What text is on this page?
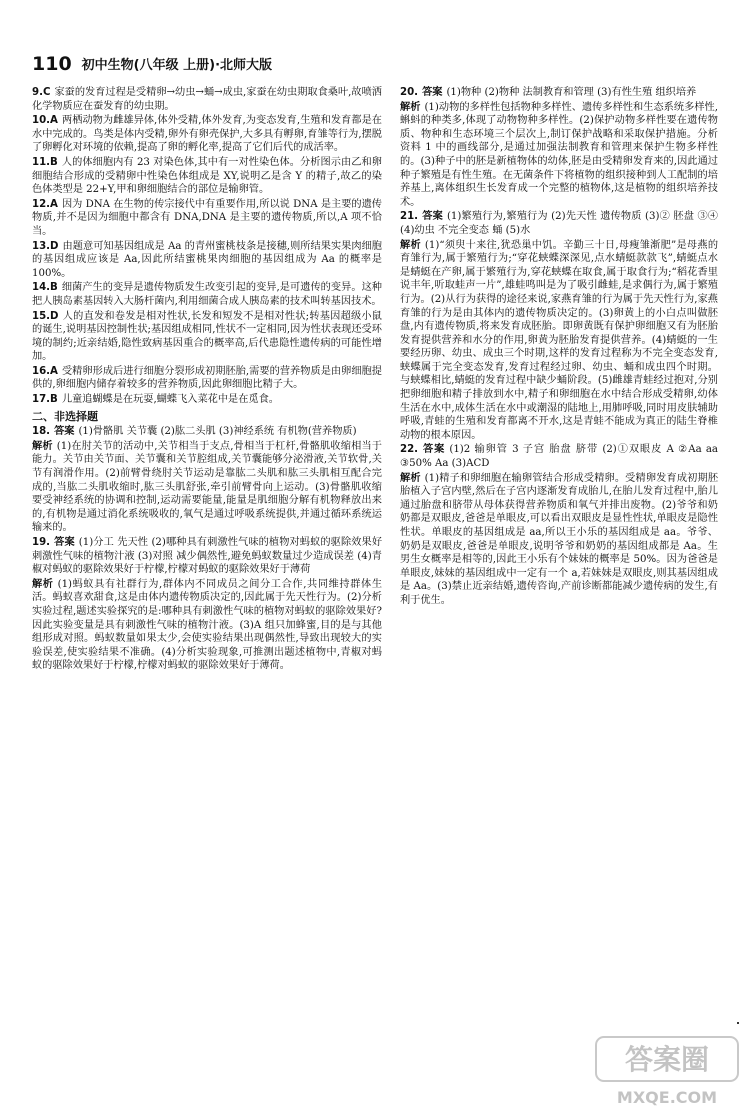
110 初中生物(八年级 上册)·北师大版
9.C 家蚕的发育过程是受精卵→幼虫→蛹→成虫,家蚕在幼虫期取食桑叶,故喷洒化学物质应在蚕发育的幼虫期。
10.A 两栖动物为雌雄异体,体外受精,体外发育,为变态发育,生殖和发育都是在水中完成的。鸟类是体内受精,卵外有卵壳保护,大多具有孵卵,育雏等行为,摆脱了卵孵化对环境的依赖,提高了卵的孵化率,提高了它们后代的成活率。
11.B 人的体细胞内有 23 对染色体,其中有一对性染色体。分析图示由乙和卵细胞结合形成的受精卵中性染色体组成是 XY,说明乙是含 Y 的精子,故乙的染色体类型是 22+Y,甲和卵细胞结合的部位是输卵管。
12.A 因为 DNA 在生物的传宗接代中有重要作用,所以说 DNA 是主要的遗传物质,并不是因为细胞中都含有 DNA,DNA 是主要的遗传物质,所以,A 项不恰当。
13.D 由题意可知基因组成是 Aa 的青州蜜桃枝条是接穗,则所结果实果肉细胞的基因组成应该是 Aa,因此所结蜜桃果肉细胞的基因组成为 Aa 的概率是 100%。
14.B 细菌产生的变异是遗传物质发生改变引起的变异,是可遗传的变异。这种把人胰岛素基因转入大肠杆菌内,利用细菌合成人胰岛素的技术叫转基因技术。
15.D 人的直发和卷发是相对性状,长发和短发不是相对性状;转基因超级小鼠的诞生,说明基因控制性状;基因组成相同,性状不一定相同,因为性状表现还受环境的制约;近亲结婚,隐性致病基因重合的概率高,后代患隐性遗传病的可能性增加。
16.A 受精卵形成后进行细胞分裂形成初期胚胎,需要的营养物质是由卵细胞提供的,卵细胞内储存着较多的营养物质,因此卵细胞比精子大。
17.B 儿童追蝴蝶是在玩耍,蝴蝶飞入菜花中是在觅食。
二、非选择题
18. 答案 (1)骨骼肌 关节囊 (2)肱二头肌 (3)神经系统 有机物(营养物质)
解析 (1)在肘关节的活动中,关节相当于支点,骨相当于杠杆,骨骼肌收缩相当于能力。关节由关节面、关节囊和关节腔组成,关节囊能够分泌滑液,关节软骨,关节有润滑作用。(2)前臂骨绕肘关节运动是靠肱二头肌和肱三头肌相互配合完成的,当肱二头肌收缩时,肱三头肌舒张,牵引前臂骨向上运动。(3)骨骼肌收缩要受神经系统的协调和控制,运动需要能量,能量是肌细胞分解有机物释放出来的,有机物是通过消化系统吸收的,氧气是通过呼吸系统提供,并通过循环系统运输来的。
19. 答案 (1)分工 先天性 (2)哪种具有刺激性气味的植物对蚂蚁的驱除效果好 刺激性气味的植物汁液 (3)对照 减少偶然性,避免蚂蚁数量过少造成误差 (4)青椒对蚂蚁的驱除效果好于柠檬,柠檬对蚂蚁的驱除效果好于薄荷
解析 (1)蚂蚁具有社群行为,群体内不同成员之间分工合作,共同维持群体生活。蚂蚁喜欢甜食,这是由体内遗传物质决定的,因此属于先天性行为。(2)分析实验过程,题述实验探究的是:哪种具有刺激性气味的植物对蚂蚁的驱除效果好?因此实验变量是具有刺激性气味的植物汁液。(3)A 组只加蜂蜜,目的是与其他组形成对照。蚂蚁数量如果太少,会使实验结果出现偶然性,导致出现较大的实验误差,使实验结果不准确。(4)分析实验现象,可推测出题述植物中,青椒对蚂蚁的驱除效果好于柠檬,柠檬对蚂蚁的驱除效果好于薄荷。
20. 答案 (1)物种 (2)物种 法制教育和管理 (3)有性生殖 组织培养
解析 (1)动物的多样性包括物种多样性、遗传多样性和生态系统多样性,蝌蚪的种类多,体现了动物物种多样性。(2)保护动物多样性要在遗传物质、物种和生态环境三个层次上,制订保护战略和采取保护措施。分析资料 1 中的画线部分,是通过加强法制教育和管理来保护生物多样性的。(3)种子中的胚是新植物体的幼体,胚是由受精卵发育来的,因此通过种子繁殖是有性生殖。在无菌条件下将植物的组织接种到人工配制的培养基上,离体组织生长发育成一个完整的植物体,这是植物的组织培养技术。
21. 答案 (1)繁殖行为,繁殖行为 (2)先天性 遗传物质 (3)② 胚盘 ③④ (4)幼虫 不完全变态 蛹 (5)水
解析 (1)“须臾十来往,犹恐巢中饥。辛勤三十日,母瘦雏渐肥”是母燕的育雏行为,属于繁殖行为;“穿花蛱蝶深深见,点水蜻蜓款款飞”,蜻蜓点水是蜻蜓在产卵,属于繁殖行为,穿花蛱蝶在取食,属于取食行为;“稻花香里说丰年,听取蛙声一片”,雄蛙鸣叫是为了吸引雌蛙,是求偶行为,属于繁殖行为。(2)从行为获得的途径来说,家燕育雏的行为属于先天性行为,家燕育雏的行为是由其体内的遗传物质决定的。(3)卵黄上的小白点叫做胚盘,内有遗传物质,将来发育成胚胎。即卵黄既有保护卵细胞又有为胚胎发育提供营养和水分的作用,卵黄为胚胎发育提供营养。(4)蜻蜓的一生要经历卵、幼虫、成虫三个时期,这样的发育过程称为不完全变态发育,蛱蝶属于完全变态发育,发育过程经过卵、幼虫、蛹和成虫四个时期。与蛱蝶相比,蜻蜓的发育过程中缺少蛹阶段。(5)雌雄青蛙经过抱对,分别把卵细胞和精子排放到水中,精子和卵细胞在水中结合形成受精卵,幼体生活在水中,成体生活在水中或潮湿的陆地上,用肺呼吸,同时用皮肤辅助呼吸,青蛙的生殖和发育都离不开水,这是青蛙不能成为真正的陆生脊椎动物的根本原因。
22. 答案 (1)2 输卵管 3 子宫 胎盘 脐带 (2)①双眼皮 A ②Aa aa ③50% Aa (3)ACD
解析 (1)精子和卵细胞在输卵管结合形成受精卵。受精卵发育成初期胚胎植入子宫内壁,然后在子宫内逐渐发育成胎儿,在胎儿发育过程中,胎儿通过胎盘和脐带从母体获得营养物质和氧气并排出废物。(2)爷爷和奶奶都是双眼皮,爸爸是单眼皮,可以看出双眼皮是显性性状,单眼皮是隐性性状。单眼皮的基因组成是 aa,所以王小乐的基因组成是 aa。爷爷、奶奶是双眼皮,爸爸是单眼皮,说明爷爷和奶奶的基因组成都是 Aa。生男生女概率是相等的,因此王小乐有个妹妹的概率是 50%。因为爸爸是单眼皮,妹妹的基因组成中一定有一个 a,若妹妹是双眼皮,则其基因组成是 Aa。(3)禁止近亲结婚,遗传咨询,产前诊断都能减少遗传病的发生,有利于优生。
答案圈
MXQE.COM
